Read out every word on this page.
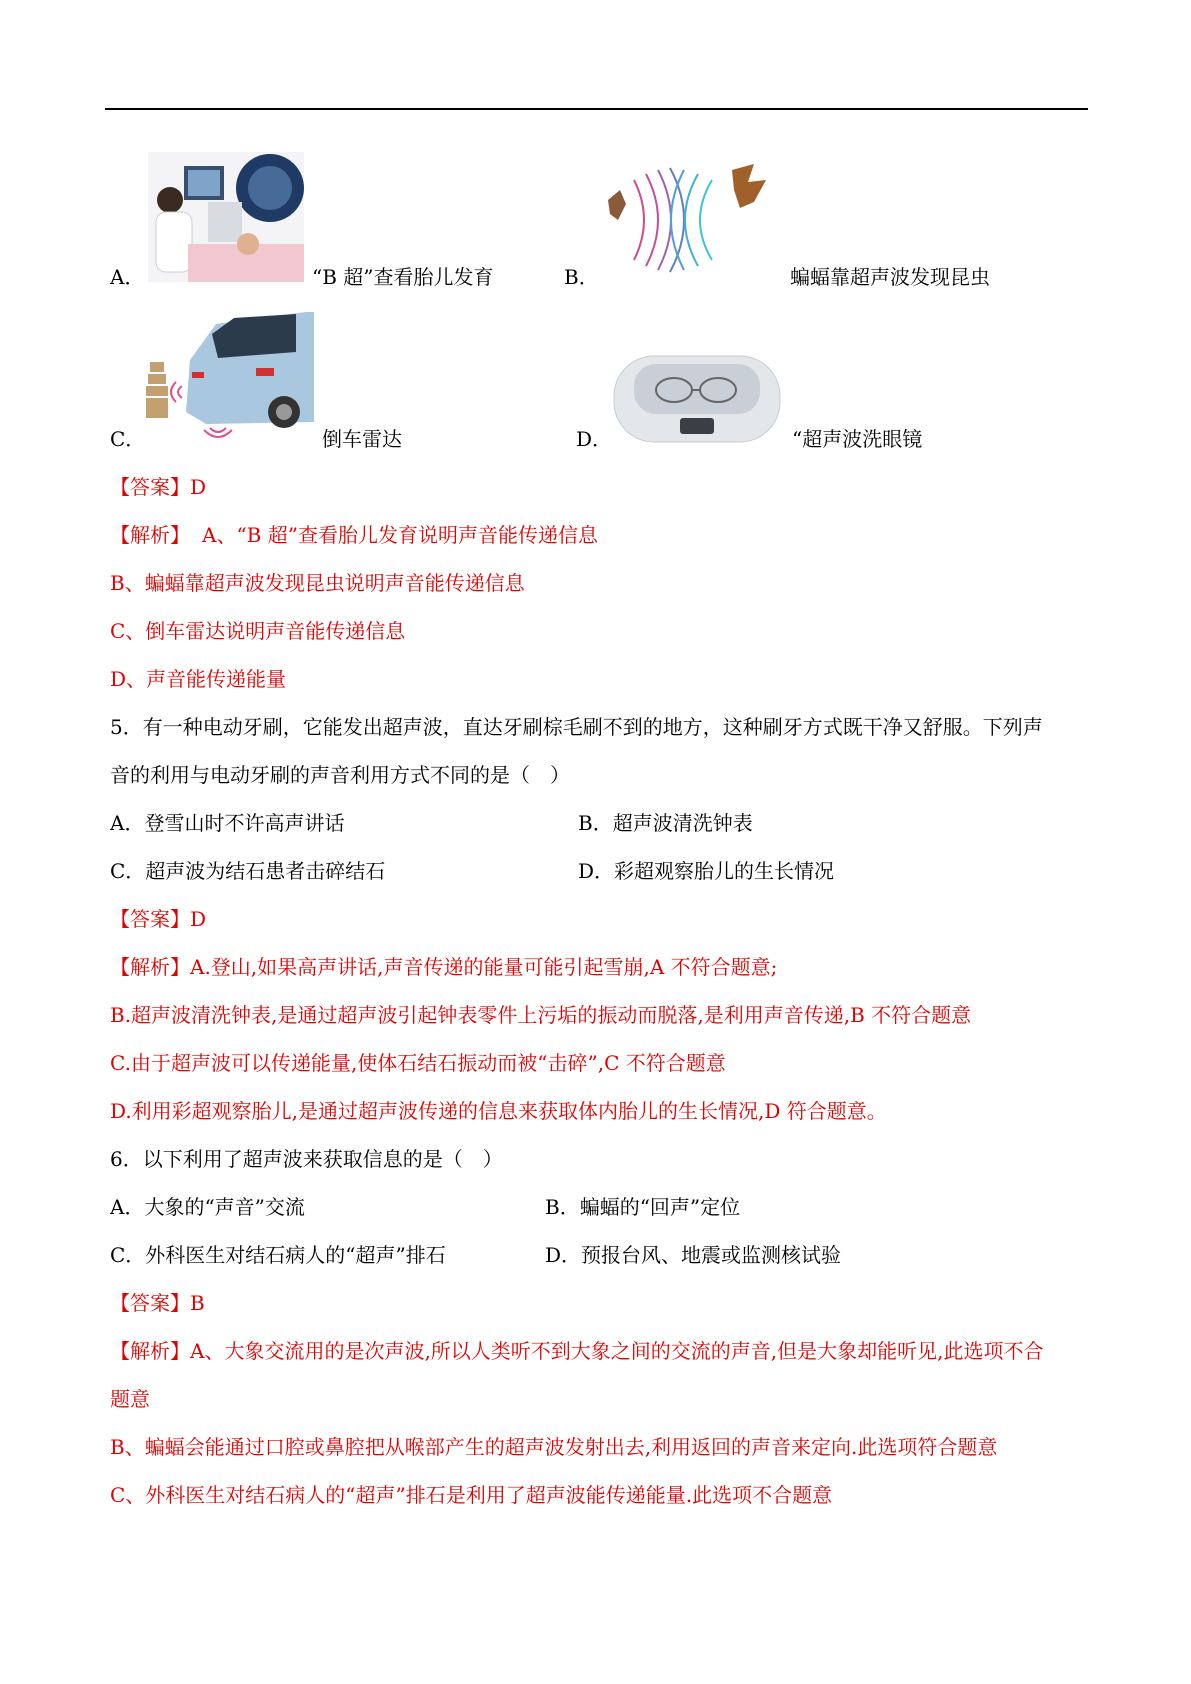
A．	“B 超”查看胎儿发育	B．	蝙蝠靠超声波发现昆虫
C．	倒车雷达	D．	“超声波洗眼镜
【答案】D
【解析】 A、“B 超”查看胎儿发育说明声音能传递信息
B、蝙蝠靠超声波发现昆虫说明声音能传递信息
C、倒车雷达说明声音能传递信息
D、声音能传递能量
5．有一种电动牙刷，它能发出超声波，直达牙刷棕毛刷不到的地方，这种刷牙方式既干净又舒服。下列声
音的利用与电动牙刷的声音利用方式不同的是（　）
A．登雪山时不许高声讲话	B．超声波清洗钟表
C．超声波为结石患者击碎结石	D．彩超观察胎儿的生长情况
【答案】D
【解析】A.登山,如果高声讲话,声音传递的能量可能引起雪崩,A 不符合题意;
B.超声波清洗钟表,是通过超声波引起钟表零件上污垢的振动而脱落,是利用声音传递,B 不符合题意
C.由于超声波可以传递能量,使体石结石振动而被“击碎”,C 不符合题意
D.利用彩超观察胎儿,是通过超声波传递的信息来获取体内胎儿的生长情况,D 符合题意。
6．以下利用了超声波来获取信息的是（　）
A．大象的“声音”交流	B．蝙蝠的“回声”定位
C．外科医生对结石病人的“超声”排石	D．预报台风、地震或监测核试验
【答案】B
【解析】A、大象交流用的是次声波,所以人类听不到大象之间的交流的声音,但是大象却能听见,此选项不合
题意
B、蝙蝠会能通过口腔或鼻腔把从喉部产生的超声波发射出去,利用返回的声音来定向.此选项符合题意
C、外科医生对结石病人的“超声”排石是利用了超声波能传递能量.此选项不合题意
